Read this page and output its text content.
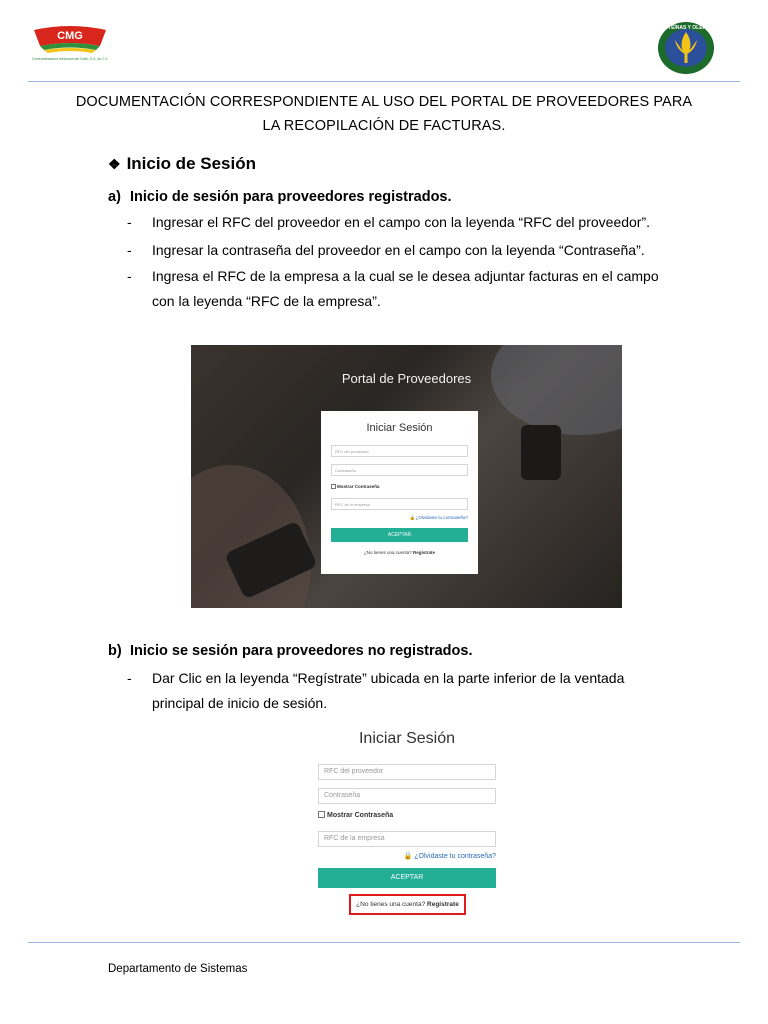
CMG
Comercializadora Mexicana del Golfo, S.A. de C.V.
PROTEÍNAS Y OLEICOS
DOCUMENTACIÓN CORRESPONDIENTE AL USO DEL PORTAL DE PROVEEDORES PARA
LA RECOPILACIÓN DE FACTURAS.
❖ Inicio de Sesión
a) Inicio de sesión para proveedores registrados.
-	Ingresar el RFC del proveedor en el campo con la leyenda “RFC del proveedor”.
-	Ingresar la contraseña del proveedor en el campo con la leyenda “Contraseña”.
-	Ingresa el RFC de la empresa a la cual se le desea adjuntar facturas en el campo con la leyenda “RFC de la empresa”.
Portal de Proveedores
Iniciar Sesión
RFC del proveedor
Contraseña
Mostrar Contraseña
RFC de la empresa
🔒¿Olvidaste tu contraseña?
ACEPTAR
¿No tienes una cuenta? Regístrate
b) Inicio se sesión para proveedores no registrados.
-	Dar Clic en la leyenda “Regístrate” ubicada en la parte inferior de la ventada principal de inicio de sesión.
Iniciar Sesión
RFC del proveedor
Contraseña
Mostrar Contraseña
RFC de la empresa
🔒 ¿Olvidaste tu contraseña?
ACEPTAR
¿No tienes una cuenta? Regístrate
Departamento de Sistemas
